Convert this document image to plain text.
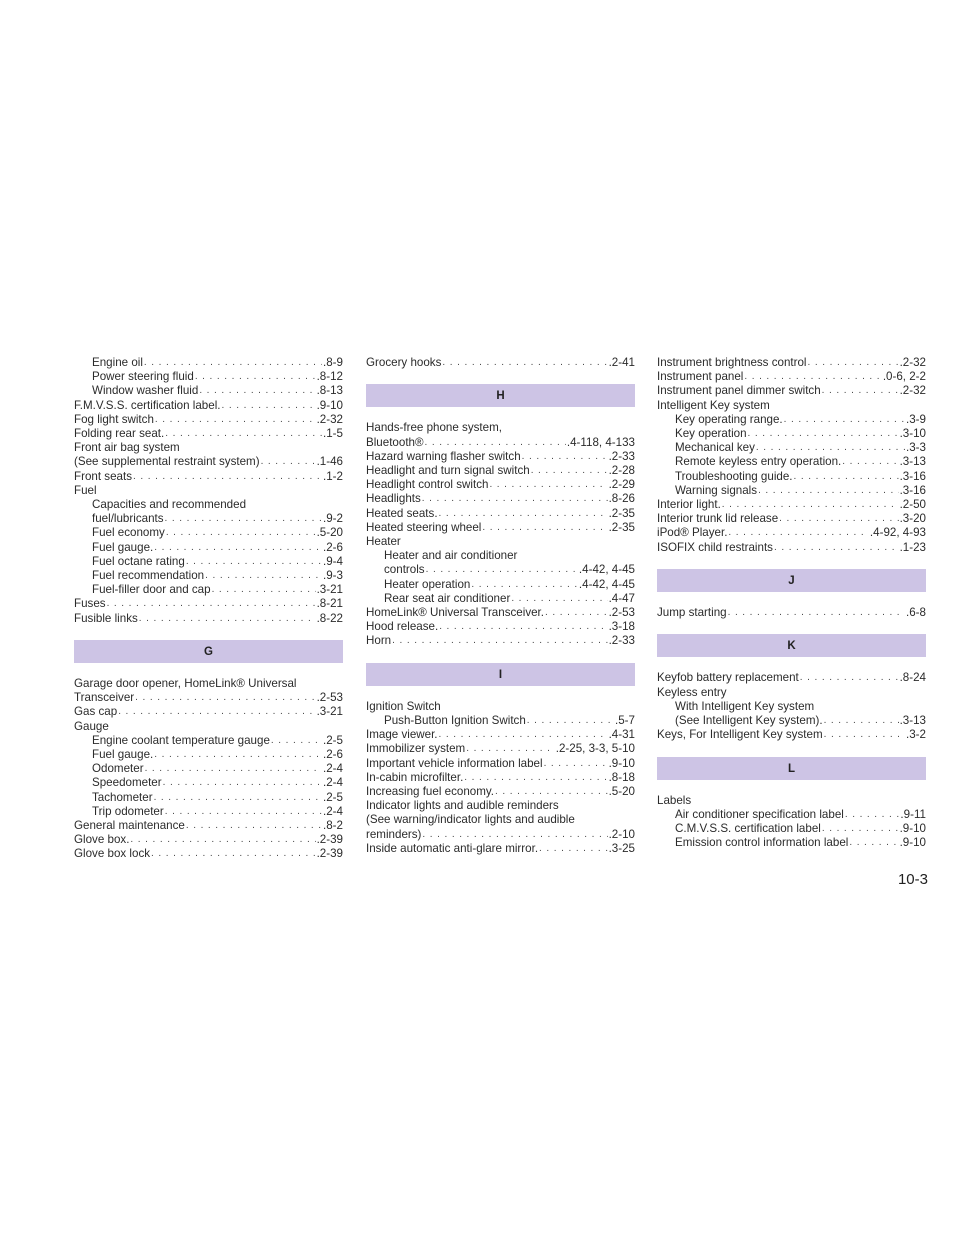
Engine oil . . .	.8-9
Power steering fluid . . .	.8-12
Window washer fluid . . .	.8-13
F.M.V.S.S. certification label. . . .	.9-10
Fog light switch . . .	.2-32
Folding rear seat. . . .	.1-5
Front air bag system
(See supplemental restraint system) . . .	.1-46
Front seats . . .	.1-2
Fuel
Capacities and recommended
fuel/lubricants . . .	.9-2
Fuel economy . . .	.5-20
Fuel gauge. . . .	.2-6
Fuel octane rating . . .	.9-4
Fuel recommendation . . .	.9-3
Fuel-filler door and cap . . .	.3-21
Fuses . . .	.8-21
Fusible links . . .	.8-22
G
Garage door opener, HomeLink® Universal
Transceiver . . .	.2-53
Gas cap . . .	.3-21
Gauge
Engine coolant temperature gauge . . .	.2-5
Fuel gauge. . . .	.2-6
Odometer . . .	.2-4
Speedometer . . .	.2-4
Tachometer . . .	.2-5
Trip odometer . . .	.2-4
General maintenance . . .	.8-2
Glove box. . . .	.2-39
Glove box lock . . .	.2-39
Grocery hooks . . .	.2-41
H
Hands-free phone system,
Bluetooth® . . .	.4-118, 4-133
Hazard warning flasher switch . . .	.2-33
Headlight and turn signal switch . . .	.2-28
Headlight control switch . . .	.2-29
Headlights . . .	.8-26
Heated seats. . . .	.2-35
Heated steering wheel . . .	.2-35
Heater
Heater and air conditioner
controls . . .	.4-42, 4-45
Heater operation . . .	.4-42, 4-45
Rear seat air conditioner . . .	.4-47
HomeLink® Universal Transceiver. . . .	.2-53
Hood release. . . .	.3-18
Horn . . .	.2-33
I
Ignition Switch
Push-Button Ignition Switch . . .	.5-7
Image viewer. . . .	.4-31
Immobilizer system . . .	.2-25, 3-3, 5-10
Important vehicle information label . . .	.9-10
In-cabin microfilter. . . .	.8-18
Increasing fuel economy. . . .	.5-20
Indicator lights and audible reminders
(See warning/indicator lights and audible
reminders) . . .	.2-10
Inside automatic anti-glare mirror. . . .	.3-25
Instrument brightness control . . .	.2-32
Instrument panel . . .	.0-6, 2-2
Instrument panel dimmer switch . . .	.2-32
Intelligent Key system
Key operating range. . . .	.3-9
Key operation . . .	.3-10
Mechanical key . . .	.3-3
Remote keyless entry operation. . . .	.3-13
Troubleshooting guide. . . .	.3-16
Warning signals . . .	.3-16
Interior light. . . .	.2-50
Interior trunk lid release . . .	.3-20
iPod® Player. . . .	.4-92, 4-93
ISOFIX child restraints . . .	.1-23
J
Jump starting . . .	.6-8
K
Keyfob battery replacement . . .	.8-24
Keyless entry
With Intelligent Key system
(See Intelligent Key system). . . .	.3-13
Keys, For Intelligent Key system . . .	.3-2
L
Labels
Air conditioner specification label . . .	.9-11
C.M.V.S.S. certification label . . .	.9-10
Emission control information label . . .	.9-10
10-3
